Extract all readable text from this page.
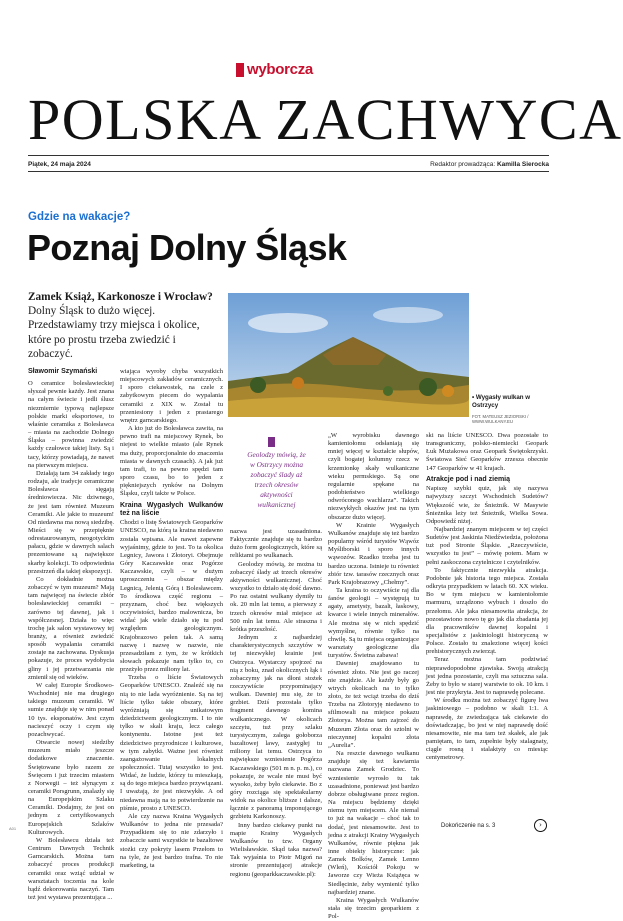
wyborcza
POLSKA ZACHWYCA
Piątek, 24 maja 2024	Redaktor prowadząca: Kamilla Sierocka
Gdzie na wakacje?
Poznaj Dolny Śląsk
Zamek Książ, Karkonosze i Wrocław? Dolny Śląsk to dużo więcej. Przedstawiamy trzy miejsca i okolice, które po prostu trzeba zwiedzić i zobaczyć.
• Wygasły wulkan w Ostrzycy
FOT. MATEUSZ JEZIORSKI / WWW.WULKANY.EU
Geolodzy mówią, że w Ostrzycy można zobaczyć ślady aż trzech okresów aktywności wulkanicznej
Sławomir Szymański

O ceramice bolesławieckiej słyszał pewnie każdy. Jest znana na całym świecie i jedli ślusz niezmiernie typową najlepsze polskie marki eksportowe, to właśnie ceramika z Bolesławca – miasta na zachodzie Dolnego Śląska – powinna zwiedzić każdy czułowce takiej listy. Są i tacy, którzy powiadają, że nawet na pierwszym miejscu.

Działają tam 34 zakłady tego rodzaju, ale tradycje ceramiczne Bolesławca sięgają średniowiecza. Nic dziwnego, że jest tam również Muzeum Ceramiki. Ale jakie to muzeum! Od niedawna ma nową siedzibę. Mieści się w przepięknie odrestaurowanym, neogotyckim pałacu, gdzie w dawnych salach prezentowane są największe skarby kolekcji. To odpowiednia przestrzeń dla takiej ekspozycji.

Co dokładnie można zobaczyć w tym muzeum? Mają tam najwięcej na świecie zbiór bolesławieckiej ceramiki – zarówno tej dawnej, jak i współczesnej. Działa to więc trochę jak salon wystawowy tej branży, a również zwiedzić sposób wypalania ceramiki zostaje na zachowana. Dyskusja pokazuje, że proces wydobycia gliny i jej przetwarzania nie zmienił się od wieków.

W całej Europie Środkowo-Wschodniej nie ma drugiego takiego muzeum ceramiki. W sumie znajduje się w nim ponad 10 tys. eksponatów. Jest czym nacieszyć oczy i czym się pozachwycać.

Otwarcie nowej siedziby muzeum miało jeszcze dodatkowe znaczenie. Świętowane było razem ze Święcem i już trzecim miastem z Norwegii – też słynącym z ceramiki Porsgrunn, znalazły się na Europejskim Szlaku Ceramiki. Dodajmy, że jest on jednym z certyfikowanych Europejskich Szlaków Kulturowych.

W Bolesławcu działa też Centrum Dawnych Technik Garncarskich. Można tam zobaczyć proces produkcji ceramiki oraz wziąć udział w warsztatach toczenia na kole bądź dekorowania naczyń. Tam też jest wystawa prezentująca ...

wiająca wyroby chyba wszystkich miejscowych zakładów ceramicznych. I sporo ciekawostek, na czele z zabytkowym piecem do wypalania ceramiki z XIX w. Został tu przeniesiony i jeden z prastarego wnętrz garncarskiego.

A kto już do Bolesławca zawita, na pewno trafi na miejscowy Rynek, bo niejest to wielkie miasto (ale Rynek ma duży, proporcjonalnie do znaczenia miasta w dawnych czasach). A jak już tam trafi, to na pewno spędzi tam sporo czasu, bo to jeden z piękniejszych rynków na Dolnym Śląsku, czyli także w Polsce.

Kraina Wygasłych Wulkanów też na liście

Chodzi o listę Światowych Geoparków UNESCO, na którą ta kraina niedawno została wpisana. Ale nawet zapewne wyjaśnimy, gdzie to jest. To ta okolica Legnicy, Jawora i Złotoryi. Obejmuje Góry Kaczawskie oraz Pogórze Kaczawskie, czyli – w dużym uproszczeniu – obszar między Legnicą, Jelenią Górą i Bolesławcem. To środkowa część regionu – przyznam, choć bez większych oczywistości, bardzo malownicza, bo widać jak wiele działo się tu pod względem geologicznym. Krajobrazowo pełen tak. A samą nazwę i nazwę w nazwie, nie przesadziłam z tym, że w krótkich słowach pokazuje nam tylko to, co przeżyło przez miliony lat.

Trzeba o liście Światowych Geoparków UNESCO. Znaleźć się na nią to nie lada wyróżnienie. Są na tej liście tylko takie obszary, które wyróżniają się unikatowym dziedzictwem geologicznym. I to nie tylko w skali kraju, lecz całego kontynentu. Istotne jest też dziedzictwo przyrodnicze i kulturowe, w tym zabytki. Ważne jest również zaangażowanie lokalnych społeczności. Tutaj wszystko to jest. Widać, że ludzie, którzy tu mieszkają, są do tego miejsca bardzo przywiązani. I uważają, że jest niezwykłe. A od niedawna mają na to potwierdzenie na piśmie, prosto z UNESCO.

Ale czy nazwa Kraina Wygasłych Wulkanów to jedna nie przesada? Przypadkiem się to nie zdarzyło i zobaczcie sami wszystkie te bazaltowe stożki czy pokryty lasem Przełom to na tyle, że jest bardzo trafna. To nie marketing, ta

nazwa jest uzasadniona. Faktycznie znajduje się tu bardzo dużo form geologicznych, które są reliktami po wulkanach.

Geolodzy mówią, że można tu zobaczyć ślady aż trzech okresów aktywności wulkanicznej. Choć wszystko to działo się dość dawno. Po raz ostatni wulkany dymiły tu ok. 20 mln lat temu, a pierwszy z trzech okresów miał miejsce aż 500 mln lat temu. Ale straszna i krótka przeszłość.

Jednym z najbardziej charakterystycznych szczytów w tej niezwykłej krainie jest Ostrzyca. Wystarczy spojrzeć na nią z boku, znad okolicznych łąk i zobaczymy jak na dłoni stożek rzeczywiście przypominający wulkan. Dawniej mu się, że to grzbiet. Dziś pozostała tylko fragment dawnego komina wulkanicznego. W okolicach szczytu, tuż przy szlaku turystycznym, zalega gołoborza bazaltowej lawy, zastygłej tu miliony lat temu. Ostrzyca to największe wzniesienie Pogórza Kaczawskiego (501 m n. p. m.), co pokazuje, że wcale nie musi być wysoko, żeby było ciekawie. Bo z góry rozciąga się spektakularny widok na okolice bliższe i dalsze, łącznie z panoramą imponującego grzbietu Karkonoszy.

Inny bardzo ciekawy punkt na mapie Krainy Wygasłych Wulkanów to tzw. Organy Wielisławskie. Skąd taka nazwa? Tak wyjaśnia to Piotr Migoń na stronie prezentującej atrakcje regionu (geoparkkaczawskie.pl):

„W wyrobisku dawnego kamieniołomu odsłaniają się mniej więcej w kształcie słupów, czyli bogatej kolumny rzecz w krzemionkę skały wulkaniczne wieku permskiego. Są one regularnie spękane na podobieństwo wielkiego odwróconego wachlarza”. Takich niezwykłych okazów jest na tym obszarze dużo więcej.

W Krainie Wygasłych Wulkanów znajduje się też bardzo popularny wśród turystów Wąwóz Myśliborski i sporo innych wąwozów. Rzadko trzeba jest tu bardzo uczona. Istnieje tu również zbiór tzw. tarasów rzecznych oraz Park Krajobrazowy „Chełmy”.

Ta kraina to oczywiście raj dla fanów geologii – występują tu agaty, ametysty, bazalt, łaskowy, kwarce i wiele innych minerałów. Ale można się w nich spędzić wymyślne, równie tylko na chwilę. Są tu miejsca organizujące warsztaty geologiczne dla turystów. Świetna zabawa!

Dawniej znajdowano tu również złoto. Nie jest go raczej nie znajdzie. Ale każdy były go wtrych okolicach na to tylko złoto, że też wciąż trzeba do dziś Trzeba na Złotoryję niedawno to sfilmowali na miejsce pokazu Złotorya. Można tam zajrzeć do Muzeum Złota oraz do sztolni w nieczynnej kopalni złota „Aurelia”.

Na reszcie dawnego wulkanu znajduje się też kawiarnia nazwana Zamek Grodziec. To wzniesienie wyrosło tu tak uzasadnione, ponieważ jest bardzo dobrze obsługiwane przez region. Na miejscu będziemy dzięki niemu tym miejscem. Ale niemal to już na wakacje – choć tak to dodać, jest niesamowite. Jest to jedna z atrakcji Krainy Wygasłych Wulkanów, równie piękna jak inne obiekty historyczne: jak Zamek Bolków, Zamek Lenno (Wleń), Kościół Pokoju w Jaworze czy Wieża Książęca w Siedlęcinie, żeby wymienić tylko najbardziej znane.

Kraina Wygasłych Wulkanów stała się trzecim geoparkiem z Pol-

ski na liście UNESCO. Dwa pozostałe to transgraniczny, polsko-niemiecki Geopark Łuk Mużakowa oraz Geopark Świętokrzyski. Światowa Sieć Geoparków zrzesza obecnie 147 Geoparków w 41 krajach.

Atrakcje pod i nad ziemią

Napiszę szybki quiz, jak się nazywa najwyższy szczyt Wschodnich Sudetów? Większość wie, że Śnieżnik. W Masywie Śnieżnika leży też Śnieżnik, Wielka Sowa. Odpowiedź niżej.

Najbardziej znanym miejscem w tej części Sudetów jest Jaskinia Niedźwiedzia, położona tuż pod Stronie Śląskie. „Rzeczywiście, wszystko tu jest” – mówię potem. Mam w pełni zaskoczona czytelnicze i czytelników.

To faktycznie niezwykła atrakcja. Podobnie jak historia tego miejsca. Została odkryta przypadkiem w latach 60. XX wieku. Bo w tym miejscu w kamieniołomie marmuru, urządzono wybuch i doszło do przełomu. Ale jaka niesamowita atrakcja, że pozostawiono nowo tę go jak dla zbadania jej dla pracowników dawnej kopalni i specjalistów z jaskiniologii historyczną w Polsce. Zostało tu znalezione więcej kości prehistorycznych zwierząt.

Teraz można tam podziwiać nieprawdopodobne zjawiska. Swoją atrakcją jest jedna pozostanie, czyli ma sztuczna sala. Żeby to było w starej warstwie to ok. 10 km. i jest nie przykryta. Jest to naprawdę polecane.

W środku można też zobaczyć figurę lwa jaskiniowego – podobno w skali 1:1. A naprawdę, że zwiedzająca tak ciekawie do doświadczając, bo jest w niej naprawdę dość niesamowite, nie ma tam też skałek, ale jak pamiętam, to tam, zupełnie były stalagnaty, ciągle rosną i stalaktyty co miesiąc centymetrowy.

Dokończenie na s. 3	›
A01
